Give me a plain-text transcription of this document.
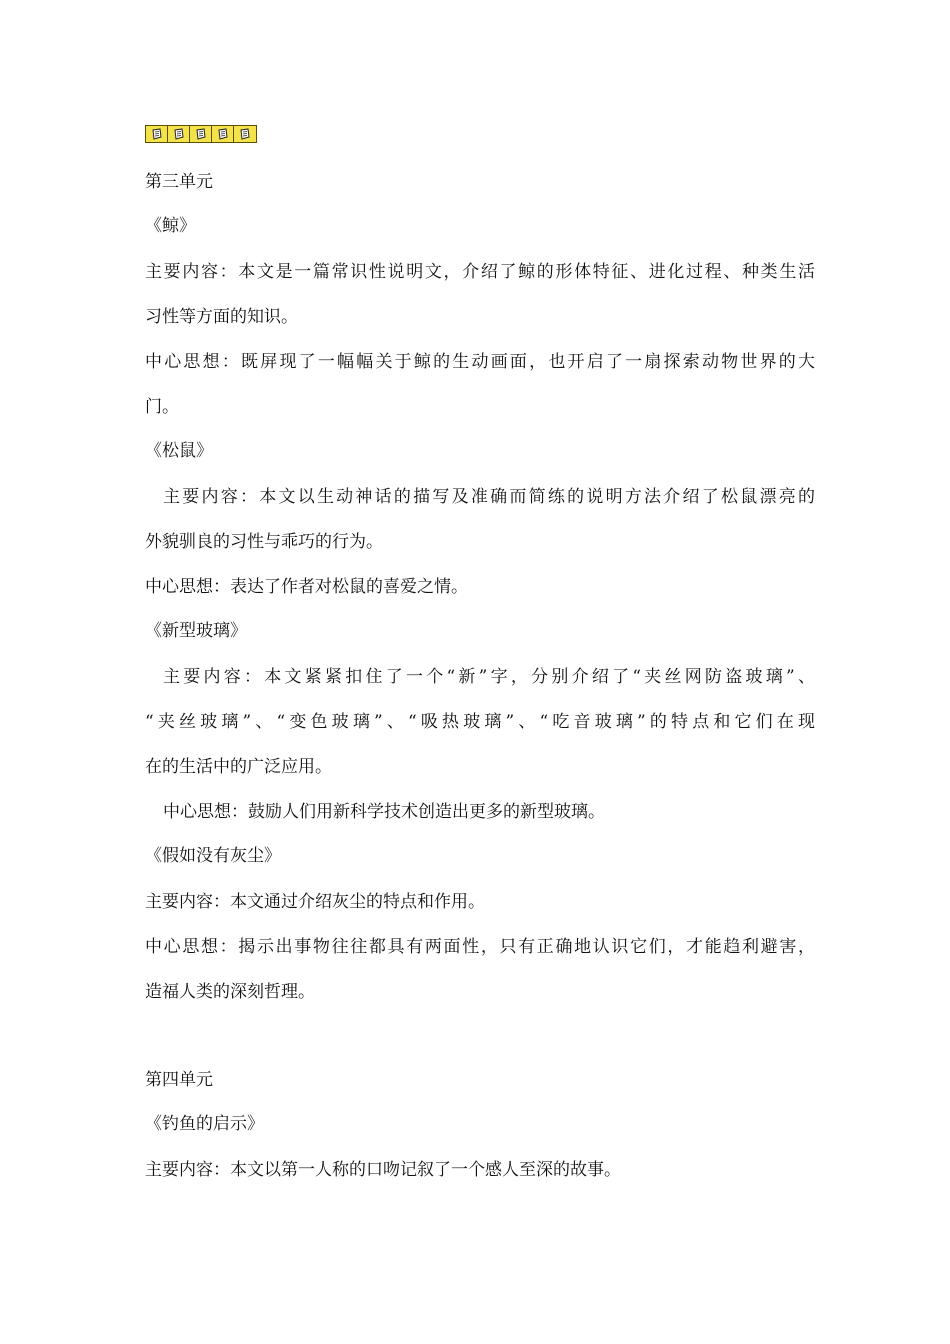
第三单元
《鲸》
主要内容：本文是一篇常识性说明文，介绍了鲸的形体特征、进化过程、种类生活
习性等方面的知识。
中心思想：既屏现了一幅幅关于鲸的生动画面，也开启了一扇探索动物世界的大
门。
《松鼠》
主要内容：本文以生动神话的描写及准确而简练的说明方法介绍了松鼠漂亮的
外貌驯良的习性与乖巧的行为。
中心思想：表达了作者对松鼠的喜爱之情。
《新型玻璃》
主要内容：本文紧紧扣住了一个“新”字，分别介绍了“夹丝网防盗玻璃”、
“夹丝玻璃”、“变色玻璃”、“吸热玻璃”、“吃音玻璃”的特点和它们在现
在的生活中的广泛应用。
中心思想：鼓励人们用新科学技术创造出更多的新型玻璃。
《假如没有灰尘》
主要内容：本文通过介绍灰尘的特点和作用。
中心思想：揭示出事物往往都具有两面性，只有正确地认识它们，才能趋利避害，
造福人类的深刻哲理。
第四单元
《钓鱼的启示》
主要内容：本文以第一人称的口吻记叙了一个感人至深的故事。
